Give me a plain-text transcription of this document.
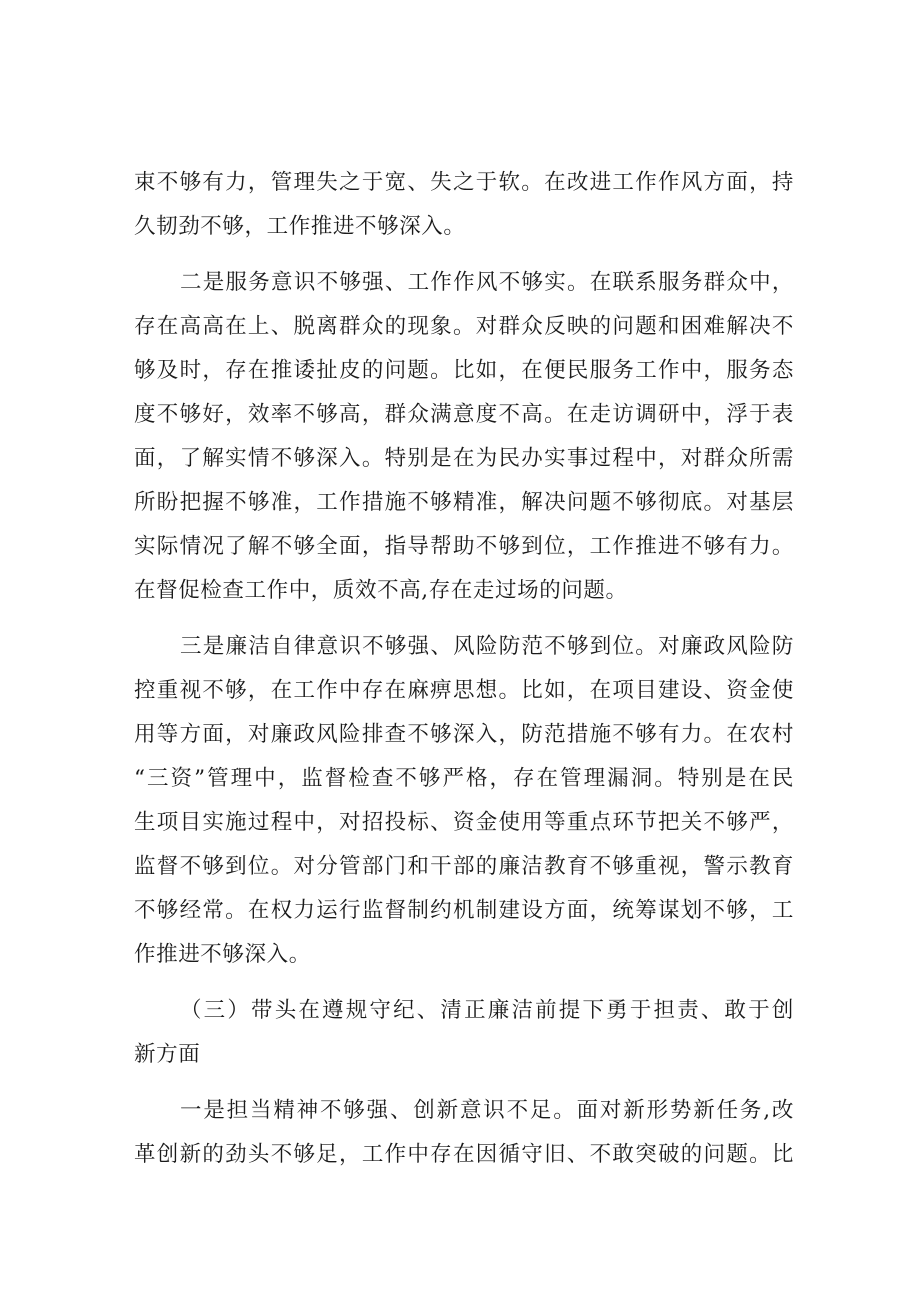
束不够有力，管理失之于宽、失之于软。在改进工作作风方面，持
久韧劲不够，工作推进不够深入。
二是服务意识不够强、工作作风不够实。在联系服务群众中，
存在高高在上、脱离群众的现象。对群众反映的问题和困难解决不
够及时，存在推诿扯皮的问题。比如，在便民服务工作中，服务态
度不够好，效率不够高，群众满意度不高。在走访调研中，浮于表
面，了解实情不够深入。特别是在为民办实事过程中，对群众所需
所盼把握不够准，工作措施不够精准，解决问题不够彻底。对基层
实际情况了解不够全面，指导帮助不够到位，工作推进不够有力。
在督促检查工作中，质效不高,存在走过场的问题。
三是廉洁自律意识不够强、风险防范不够到位。对廉政风险防
控重视不够，在工作中存在麻痹思想。比如，在项目建设、资金使
用等方面，对廉政风险排查不够深入，防范措施不够有力。在农村
“三资”管理中，监督检查不够严格，存在管理漏洞。特别是在民
生项目实施过程中，对招投标、资金使用等重点环节把关不够严，
监督不够到位。对分管部门和干部的廉洁教育不够重视，警示教育
不够经常。在权力运行监督制约机制建设方面，统筹谋划不够，工
作推进不够深入。
（三）带头在遵规守纪、清正廉洁前提下勇于担责、敢于创
新方面
一是担当精神不够强、创新意识不足。面对新形势新任务,改
革创新的劲头不够足，工作中存在因循守旧、不敢突破的问题。比
